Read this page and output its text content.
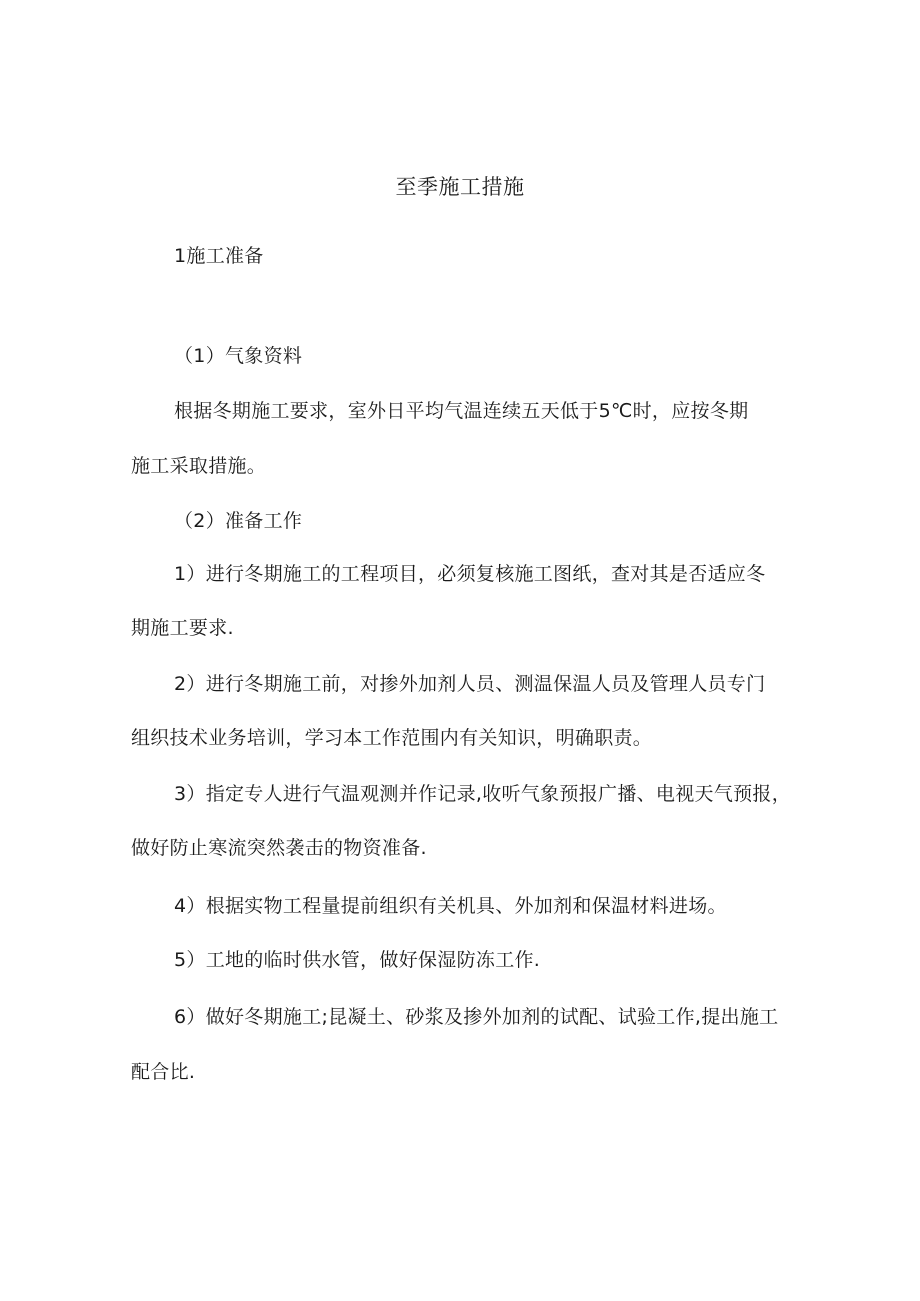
至季施工措施
1施工准备
（1）气象资料
根据冬期施工要求，室外日平均气温连续五天低于5℃时，应按冬期
施工采取措施。
（2）准备工作
1）进行冬期施工的工程项目，必须复核施工图纸，查对其是否适应冬
期施工要求.
2）进行冬期施工前，对掺外加剂人员、测温保温人员及管理人员专门
组织技术业务培训，学习本工作范围内有关知识，明确职责。
3）指定专人进行气温观测并作记录,收听气象预报广播、电视天气预报，
做好防止寒流突然袭击的物资准备.
4）根据实物工程量提前组织有关机具、外加剂和保温材料进场。
5）工地的临时供水管，做好保湿防冻工作.
6）做好冬期施工;昆凝土、砂浆及掺外加剂的试配、试验工作,提出施工
配合比.
